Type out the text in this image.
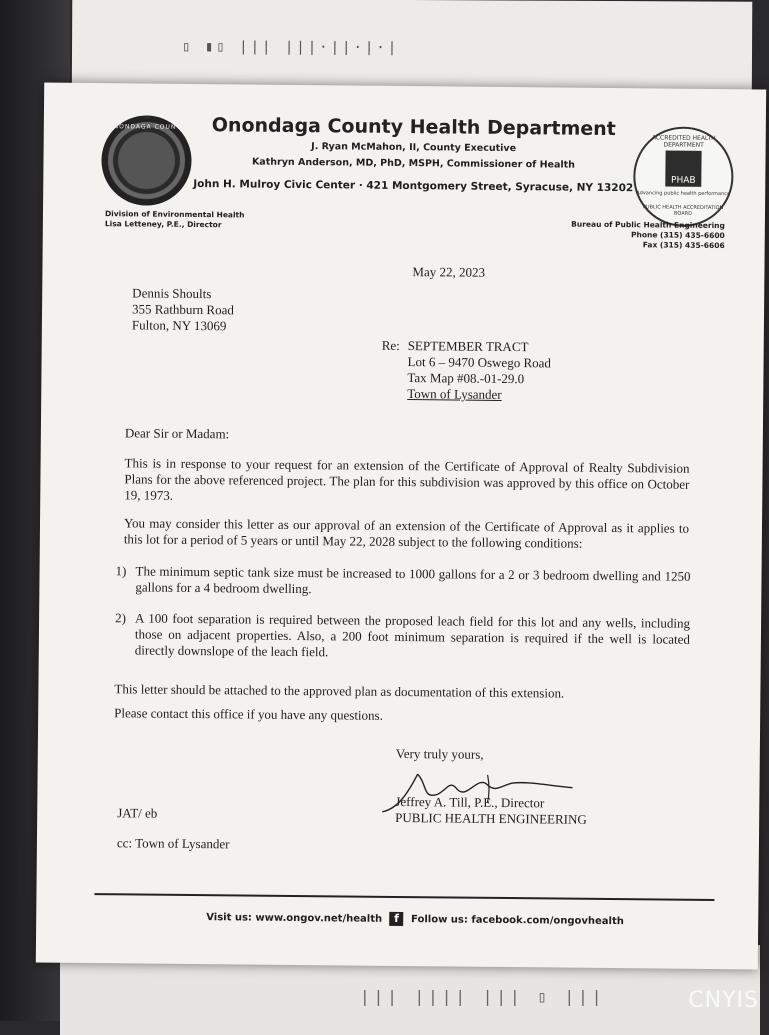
▯ ▮▯ ||| |||·||·|·|
||| |||| ||| ▯ |||
ONONDAGA COUNTY	Onondaga County Health Department
J. Ryan McMahon, II, County Executive
Kathryn Anderson, MD, PhD, MSPH, Commissioner of Health
John H. Mulroy Civic Center · 421 Montgomery Street, Syracuse, NY 13202
ACCREDITED HEALTH DEPARTMENT
PHAB
Advancing public health performance
PUBLIC HEALTH ACCREDITATION BOARD
Division of Environmental Health
Lisa Letteney, P.E., Director	Bureau of Public Health Engineering
Phone (315) 435-6600
Fax (315) 435-6606
May 22, 2023
Dennis Shoults
355 Rathburn Road
Fulton, NY 13069
Re: SEPTEMBER TRACT
Lot 6 – 9470 Oswego Road
Tax Map #08.-01-29.0
Town of Lysander
Dear Sir or Madam:
This is in response to your request for an extension of the Certificate of Approval of Realty Subdivision Plans for the above referenced project. The plan for this subdivision was approved by this office on October 19, 1973.
You may consider this letter as our approval of an extension of the Certificate of Approval as it applies to this lot for a period of 5 years or until May 22, 2028 subject to the following conditions:
1) The minimum septic tank size must be increased to 1000 gallons for a 2 or 3 bedroom dwelling and 1250 gallons for a 4 bedroom dwelling.
2) A 100 foot separation is required between the proposed leach field for this lot and any wells, including those on adjacent properties. Also, a 200 foot minimum separation is required if the well is located directly downslope of the leach field.
This letter should be attached to the approved plan as documentation of this extension.
Please contact this office if you have any questions.
Very truly yours,
Jeffrey A. Till, P.E., Director
PUBLIC HEALTH ENGINEERING
JAT/ eb
cc: Town of Lysander
Visit us: www.ongov.net/health f Follow us: facebook.com/ongovhealth
CNYIS
